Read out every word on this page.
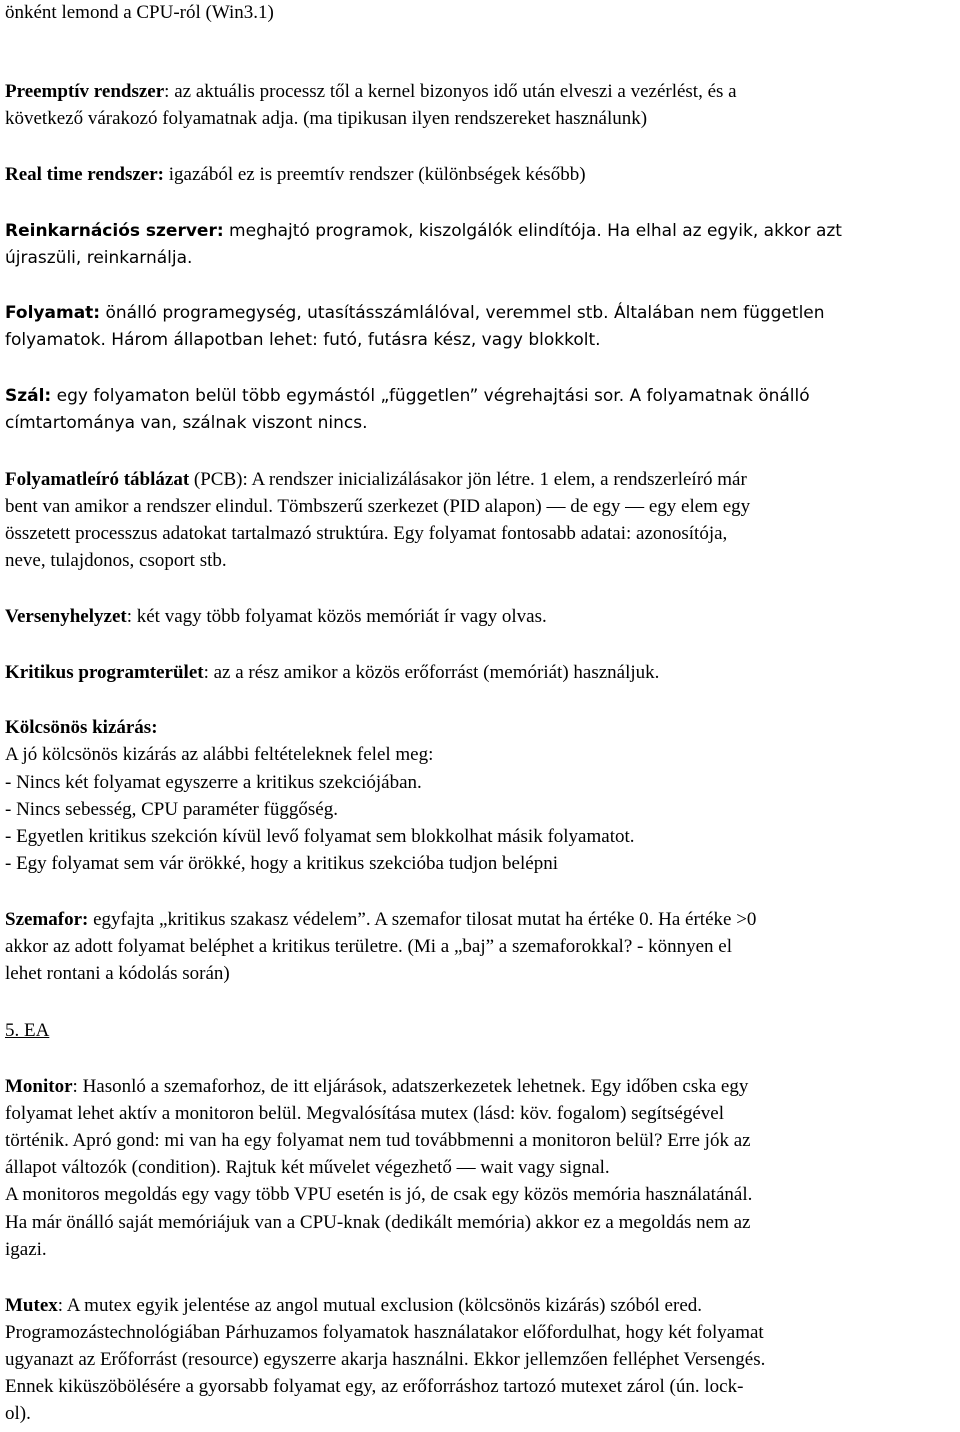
önként lemond a CPU-ról (Win3.1)
Preemptív rendszer: az aktuális processz től a kernel bizonyos idő után elveszi a vezérlést, és a
következő várakozó folyamatnak adja. (ma tipikusan ilyen rendszereket használunk)
Real time rendszer: igazából ez is preemtív rendszer (különbségek később)
Reinkarnációs szerver: meghajtó programok, kiszolgálók elindítója. Ha elhal az egyik, akkor azt
újraszüli, reinkarnálja.
Folyamat: önálló programegység, utasításszámlálóval, veremmel stb. Általában nem független
folyamatok. Három állapotban lehet: futó, futásra kész, vagy blokkolt.
Szál: egy folyamaton belül több egymástól „független” végrehajtási sor. A folyamatnak önálló
címtartománya van, szálnak viszont nincs.
Folyamatleíró táblázat (PCB): A rendszer inicializálásakor jön létre. 1 elem, a rendszerleíró már
bent van amikor a rendszer elindul. Tömbszerű szerkezet (PID alapon) — de egy — egy elem egy
összetett processzus adatokat tartalmazó struktúra. Egy folyamat fontosabb adatai: azonosítója,
neve, tulajdonos, csoport stb.
Versenyhelyzet: két vagy több folyamat közös memóriát ír vagy olvas.
Kritikus programterület: az a rész amikor a közös erőforrást (memóriát) használjuk.
Kölcsönös kizárás:
A jó kölcsönös kizárás az alábbi feltételeknek felel meg:
- Nincs két folyamat egyszerre a kritikus szekciójában.
- Nincs sebesség, CPU paraméter függőség.
- Egyetlen kritikus szekción kívül levő folyamat sem blokkolhat másik folyamatot.
- Egy folyamat sem vár örökké, hogy a kritikus szekcióba tudjon belépni
Szemafor: egyfajta „kritikus szakasz védelem”. A szemafor tilosat mutat ha értéke 0. Ha értéke >0
akkor az adott folyamat beléphet a kritikus területre. (Mi a „baj” a szemaforokkal? - könnyen el
lehet rontani a kódolás során)
5. EA
Monitor: Hasonló a szemaforhoz, de itt eljárások, adatszerkezetek lehetnek. Egy időben cska egy
folyamat lehet aktív a monitoron belül. Megvalósítása mutex (lásd: köv. fogalom) segítségével
történik. Apró gond: mi van ha egy folyamat nem tud továbbmenni a monitoron belül? Erre jók az
állapot változók (condition). Rajtuk két művelet végezhető — wait vagy signal.
A monitoros megoldás egy vagy több VPU esetén is jó, de csak egy közös memória használatánál.
Ha már önálló saját memóriájuk van a CPU-knak (dedikált memória) akkor ez a megoldás nem az
igazi.
Mutex: A mutex egyik jelentése az angol mutual exclusion (kölcsönös kizárás) szóból ered.
Programozástechnológiában Párhuzamos folyamatok használatakor előfordulhat, hogy két folyamat
ugyanazt az Erőforrást (resource) egyszerre akarja használni. Ekkor jellemzően felléphet Versengés.
Ennek kiküszöbölésére a gyorsabb folyamat egy, az erőforráshoz tartozó mutexet zárol (ún. lock-
ol).
